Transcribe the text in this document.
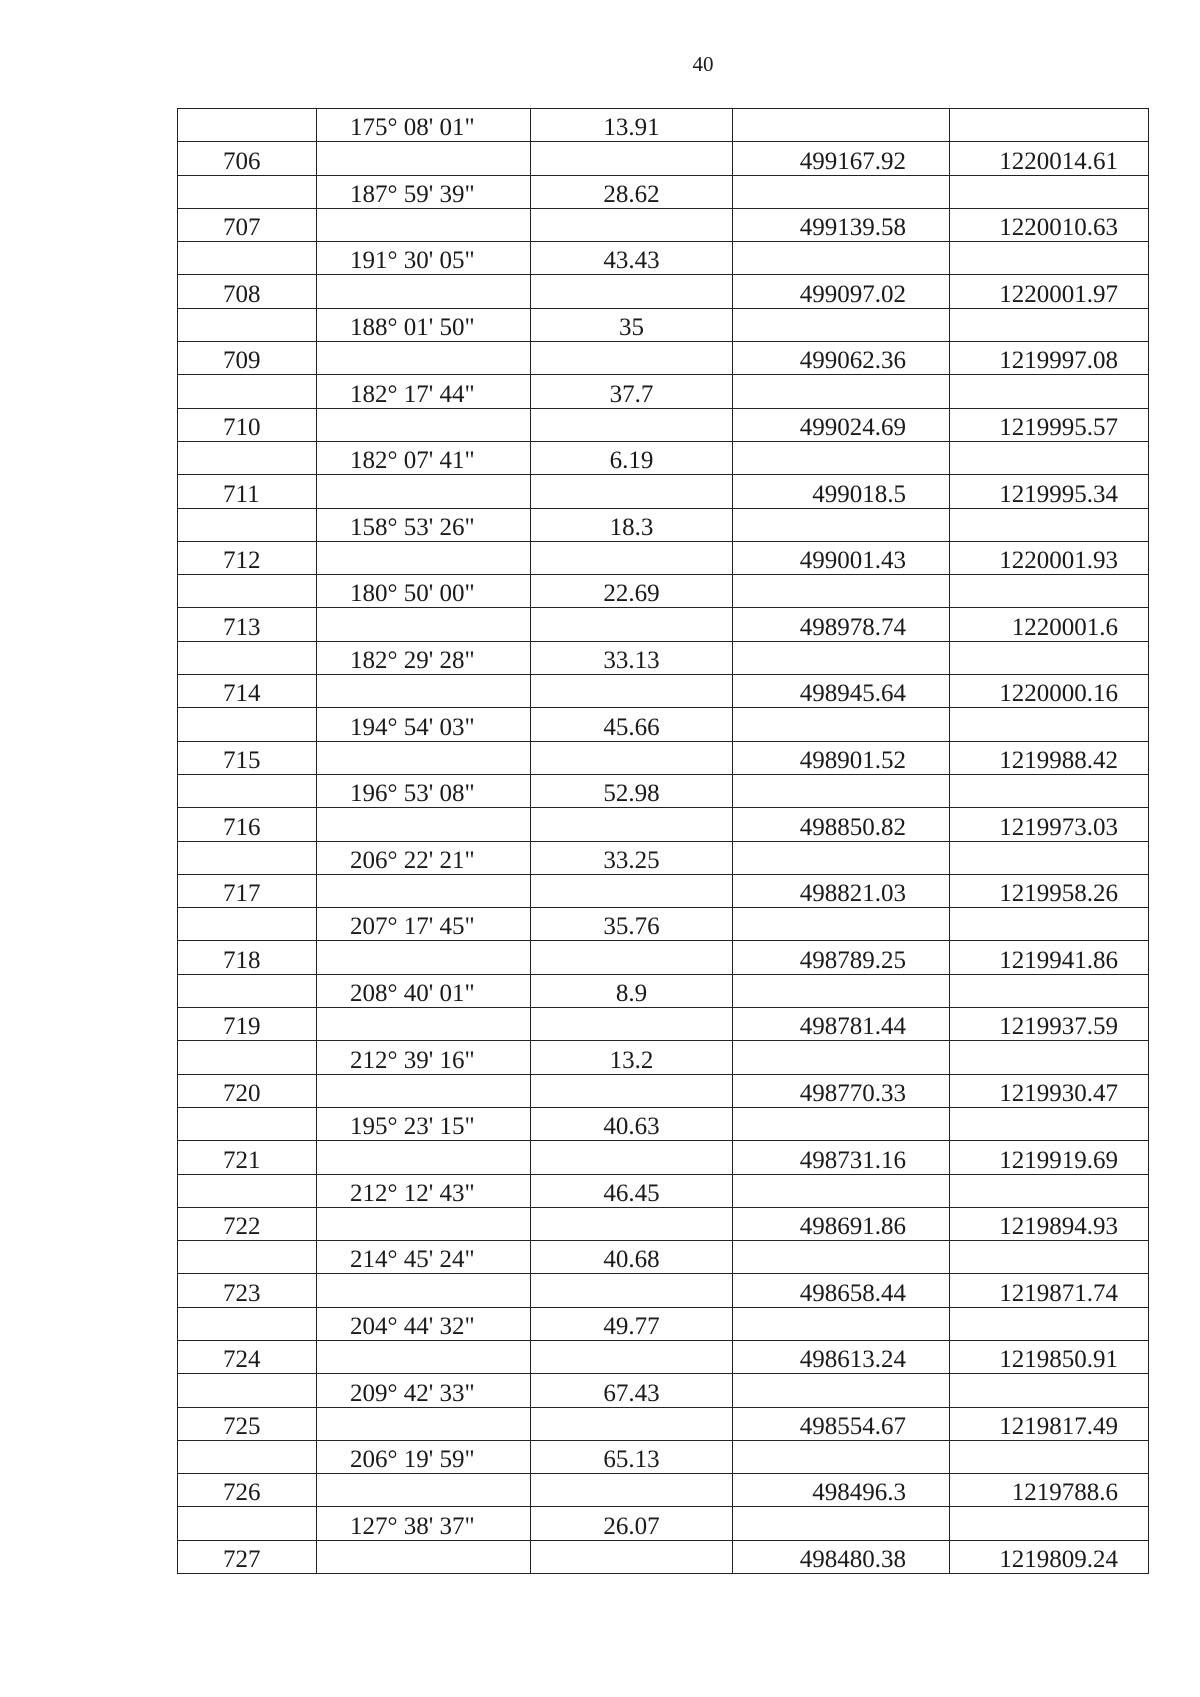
40
	175° 08' 01"	13.91		
706			499167.92	1220014.61
	187° 59' 39"	28.62		
707			499139.58	1220010.63
	191° 30' 05"	43.43		
708			499097.02	1220001.97
	188° 01' 50"	35		
709			499062.36	1219997.08
	182° 17' 44"	37.7		
710			499024.69	1219995.57
	182° 07' 41"	6.19		
711			499018.5	1219995.34
	158° 53' 26"	18.3		
712			499001.43	1220001.93
	180° 50' 00"	22.69		
713			498978.74	1220001.6
	182° 29' 28"	33.13		
714			498945.64	1220000.16
	194° 54' 03"	45.66		
715			498901.52	1219988.42
	196° 53' 08"	52.98		
716			498850.82	1219973.03
	206° 22' 21"	33.25		
717			498821.03	1219958.26
	207° 17' 45"	35.76		
718			498789.25	1219941.86
	208° 40' 01"	8.9		
719			498781.44	1219937.59
	212° 39' 16"	13.2		
720			498770.33	1219930.47
	195° 23' 15"	40.63		
721			498731.16	1219919.69
	212° 12' 43"	46.45		
722			498691.86	1219894.93
	214° 45' 24"	40.68		
723			498658.44	1219871.74
	204° 44' 32"	49.77		
724			498613.24	1219850.91
	209° 42' 33"	67.43		
725			498554.67	1219817.49
	206° 19' 59"	65.13		
726			498496.3	1219788.6
	127° 38' 37"	26.07		
727			498480.38	1219809.24
